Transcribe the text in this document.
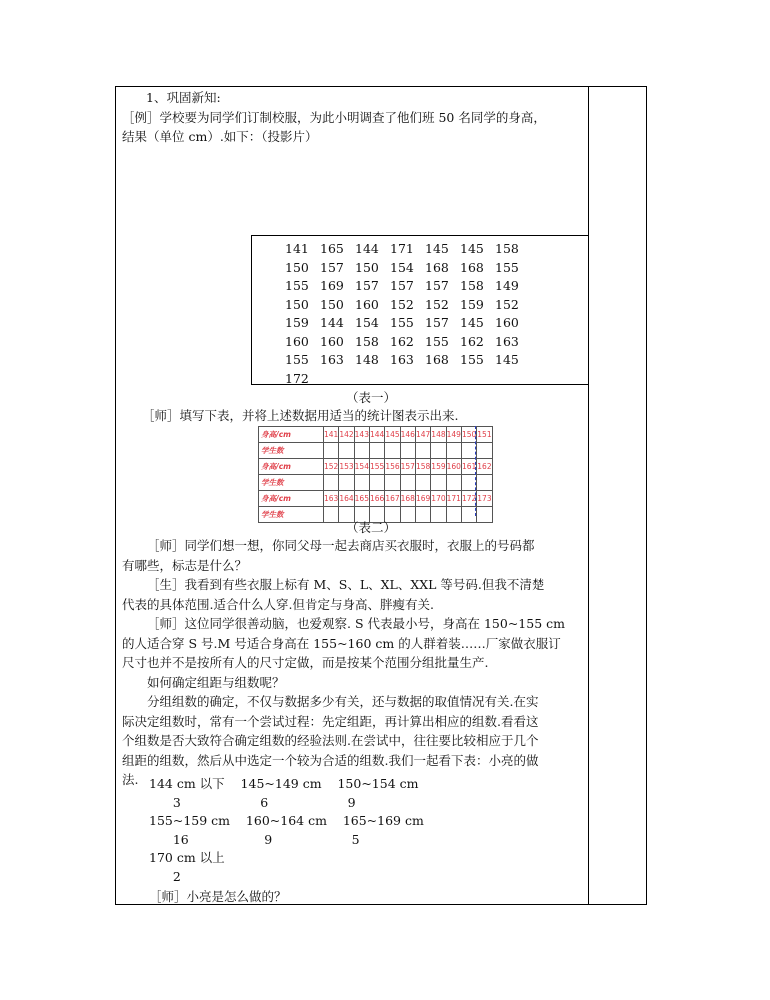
1、巩固新知:

［例］学校要为同学们订制校服，为此小明调查了他们班 50 名同学的身高，

结果（单位 cm）.如下：（投影片）

141 165 144 171 145 145 158
150 157 150 154 168 168 155
155 169 157 157 157 158 149
150 150 160 152 152 159 152
159 144 154 155 157 145 160
160 160 158 162 155 162 163
155 163 148 163 168 155 145
172
（表一）
［师］填写下表，并将上述数据用适当的统计图表示出来.
身高/cm	141	142	143	144	145	146	147	148	149	150	151
学生数											
身高/cm	152	153	154	155	156	157	158	159	160	161	162
学生数											
身高/cm	163	164	165	166	167	168	169	170	171	172	173
学生数											
（表二）

［师］同学们想一想，你同父母一起去商店买衣服时，衣服上的号码都

有哪些，标志是什么？

［生］我看到有些衣服上标有 M、S、L、XL、XXL 等号码.但我不清楚

代表的具体范围.适合什么人穿.但肯定与身高、胖瘦有关.

［师］这位同学很善动脑，也爱观察. S 代表最小号，身高在 150~155 cm

的人适合穿 S 号.M 号适合身高在 155~160 cm 的人群着装……厂家做衣服订

尺寸也并不是按所有人的尺寸定做，而是按某个范围分组批量生产.

如何确定组距与组数呢？

分组组数的确定，不仅与数据多少有关，还与数据的取值情况有关.在实

际决定组数时，常有一个尝试过程：先定组距，再计算出相应的组数.看看这

个组数是否大致符合确定组数的经验法则.在尝试中，往往要比较相应于几个

组距的组数，然后从中选定一个较为合适的组数.我们一起看下表：小亮的做

法. 144 cm 以下    145~149 cm    150~154 cm
3                    6                    9
155~159 cm    160~164 cm    165~169 cm
16                   9                    5
170 cm 以上
2
［师］小亮是怎么做的？
